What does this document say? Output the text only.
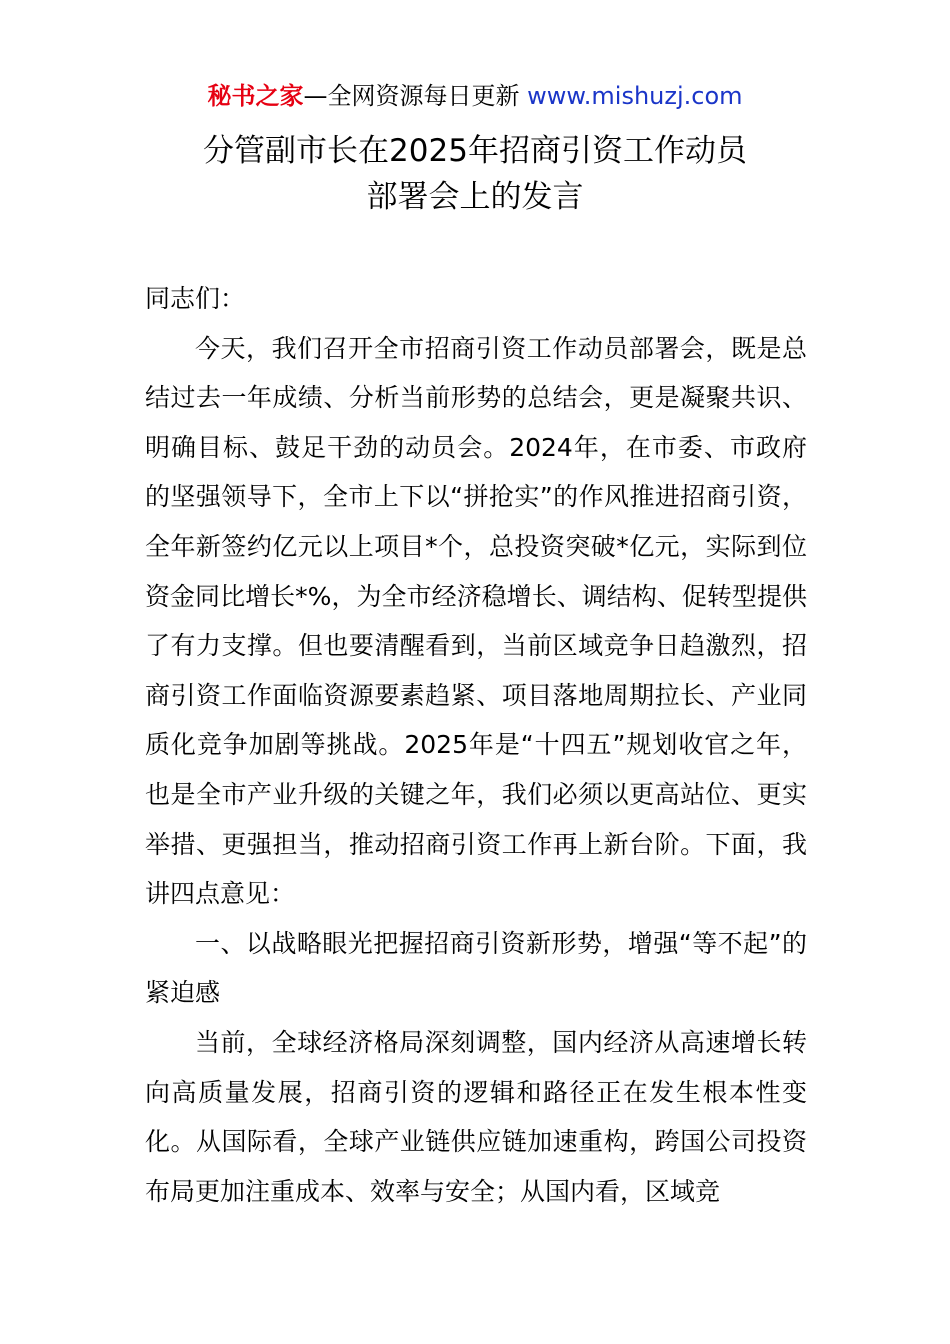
秘书之家—全网资源每日更新 www.mishuzj.com
分管副市长在2025年招商引资工作动员
部署会上的发言

同志们：

今天，我们召开全市招商引资工作动员部署会，既是总结过去一年成绩、分析当前形势的总结会，更是凝聚共识、明确目标、鼓足干劲的动员会。2024年，在市委、市政府的坚强领导下，全市上下以“拼抢实”的作风推进招商引资，全年新签约亿元以上项目*个，总投资突破*亿元，实际到位资金同比增长*%，为全市经济稳增长、调结构、促转型提供了有力支撑。但也要清醒看到，当前区域竞争日趋激烈，招商引资工作面临资源要素趋紧、项目落地周期拉长、产业同质化竞争加剧等挑战。2025年是“十四五”规划收官之年，也是全市产业升级的关键之年，我们必须以更高站位、更实举措、更强担当，推动招商引资工作再上新台阶。下面，我讲四点意见：

一、以战略眼光把握招商引资新形势，增强“等不起”的紧迫感

当前，全球经济格局深刻调整，国内经济从高速增长转向高质量发展，招商引资的逻辑和路径正在发生根本性变化。从国际看，全球产业链供应链加速重构，跨国公司投资布局更加注重成本、效率与安全；从国内看，区域竞
